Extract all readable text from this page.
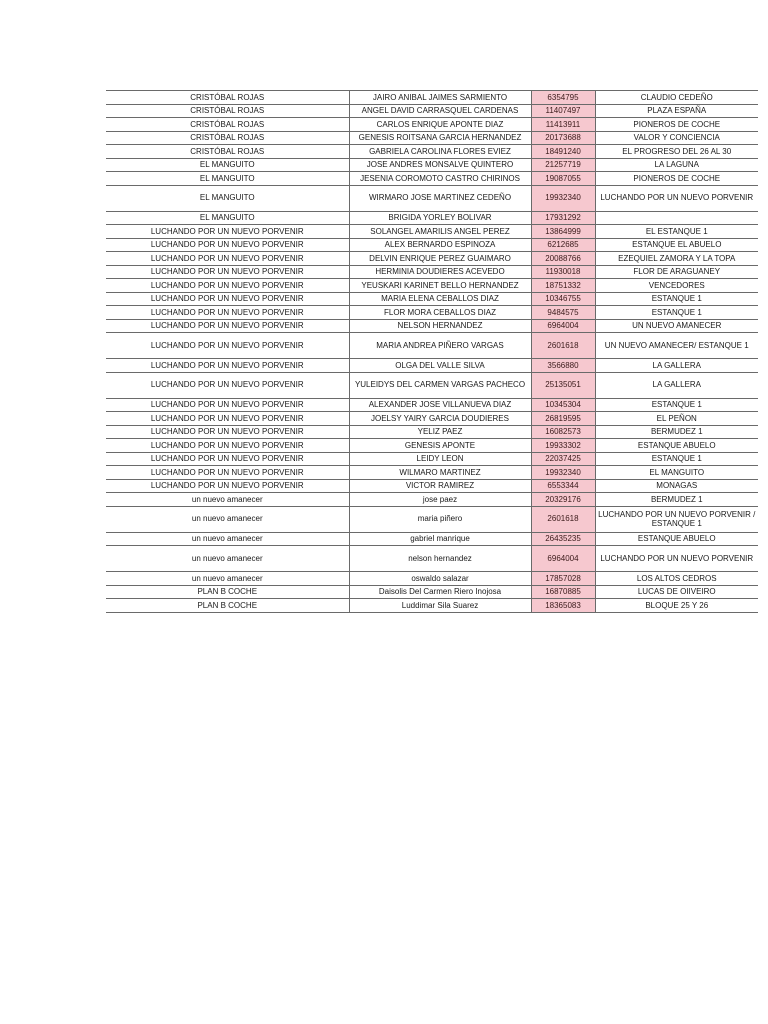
CRISTÓBAL ROJAS	JAIRO ANIBAL JAIMES SARMIENTO	6354795	CLAUDIO CEDEÑO
CRISTÓBAL ROJAS	ANGEL DAVID CARRASQUEL CARDENAS	11407497	PLAZA ESPAÑA
CRISTÓBAL ROJAS	CARLOS ENRIQUE APONTE DIAZ	11413911	PIONEROS DE COCHE
CRISTÓBAL ROJAS	GENESIS ROITSANA GARCIA HERNANDEZ	20173688	VALOR Y CONCIENCIA
CRISTÓBAL ROJAS	GABRIELA CAROLINA FLORES EVIEZ	18491240	EL PROGRESO DEL 26 AL 30
EL MANGUITO	JOSE ANDRES MONSALVE QUINTERO	21257719	LA LAGUNA
EL MANGUITO	JESENIA COROMOTO CASTRO CHIRINOS	19087055	PIONEROS DE COCHE
EL MANGUITO	WIRMARO JOSE MARTINEZ CEDEÑO	19932340	LUCHANDO POR UN NUEVO PORVENIR
EL MANGUITO	BRIGIDA YORLEY BOLIVAR	17931292	
LUCHANDO POR UN NUEVO PORVENIR	SOLANGEL AMARILIS ANGEL PEREZ	13864999	EL ESTANQUE 1
LUCHANDO POR UN NUEVO PORVENIR	ALEX BERNARDO ESPINOZA	6212685	ESTANQUE EL ABUELO
LUCHANDO POR UN NUEVO PORVENIR	DELVIN ENRIQUE PEREZ GUAIMARO	20088766	EZEQUIEL ZAMORA Y LA TOPA
LUCHANDO POR UN NUEVO PORVENIR	HERMINIA DOUDIERES ACEVEDO	11930018	FLOR DE ARAGUANEY
LUCHANDO POR UN NUEVO PORVENIR	YEUSKARI KARINET BELLO HERNANDEZ	18751332	VENCEDORES
LUCHANDO POR UN NUEVO PORVENIR	MARIA ELENA CEBALLOS DIAZ	10346755	ESTANQUE 1
LUCHANDO POR UN NUEVO PORVENIR	FLOR MORA CEBALLOS DIAZ	9484575	ESTANQUE 1
LUCHANDO POR UN NUEVO PORVENIR	NELSON HERNANDEZ	6964004	UN NUEVO AMANECER
LUCHANDO POR UN NUEVO PORVENIR	MARIA ANDREA PIÑERO VARGAS	2601618	UN NUEVO AMANECER/ ESTANQUE 1
LUCHANDO POR UN NUEVO PORVENIR	OLGA DEL VALLE SILVA	3566880	LA GALLERA
LUCHANDO POR UN NUEVO PORVENIR	YULEIDYS DEL CARMEN VARGAS PACHECO	25135051	LA GALLERA
LUCHANDO POR UN NUEVO PORVENIR	ALEXANDER JOSE VILLANUEVA DIAZ	10345304	ESTANQUE 1
LUCHANDO POR UN NUEVO PORVENIR	JOELSY YAIRY GARCIA DOUDIERES	26819595	EL PEÑON
LUCHANDO POR UN NUEVO PORVENIR	YELIZ PAEZ	16082573	BERMUDEZ 1
LUCHANDO POR UN NUEVO PORVENIR	GENESIS APONTE	19933302	ESTANQUE ABUELO
LUCHANDO POR UN NUEVO PORVENIR	LEIDY LEON	22037425	ESTANQUE 1
LUCHANDO POR UN NUEVO PORVENIR	WILMARO MARTINEZ	19932340	EL MANGUITO
LUCHANDO POR UN NUEVO PORVENIR	VICTOR RAMIREZ	6553344	MONAGAS
un nuevo amanecer	jose paez	20329176	BERMUDEZ 1
un nuevo amanecer	maria piñero	2601618	LUCHANDO POR UN NUEVO PORVENIR / ESTANQUE 1
un nuevo amanecer	gabriel manrique	26435235	ESTANQUE ABUELO
un nuevo amanecer	nelson hernandez	6964004	LUCHANDO POR UN NUEVO PORVENIR
un nuevo amanecer	oswaldo salazar	17857028	LOS ALTOS CEDROS
PLAN B COCHE	Daisolis Del Carmen Riero Inojosa	16870885	LUCAS DE OIIVEIRO
PLAN B COCHE	Luddimar Sila Suarez	18365083	BLOQUE 25 Y 26
